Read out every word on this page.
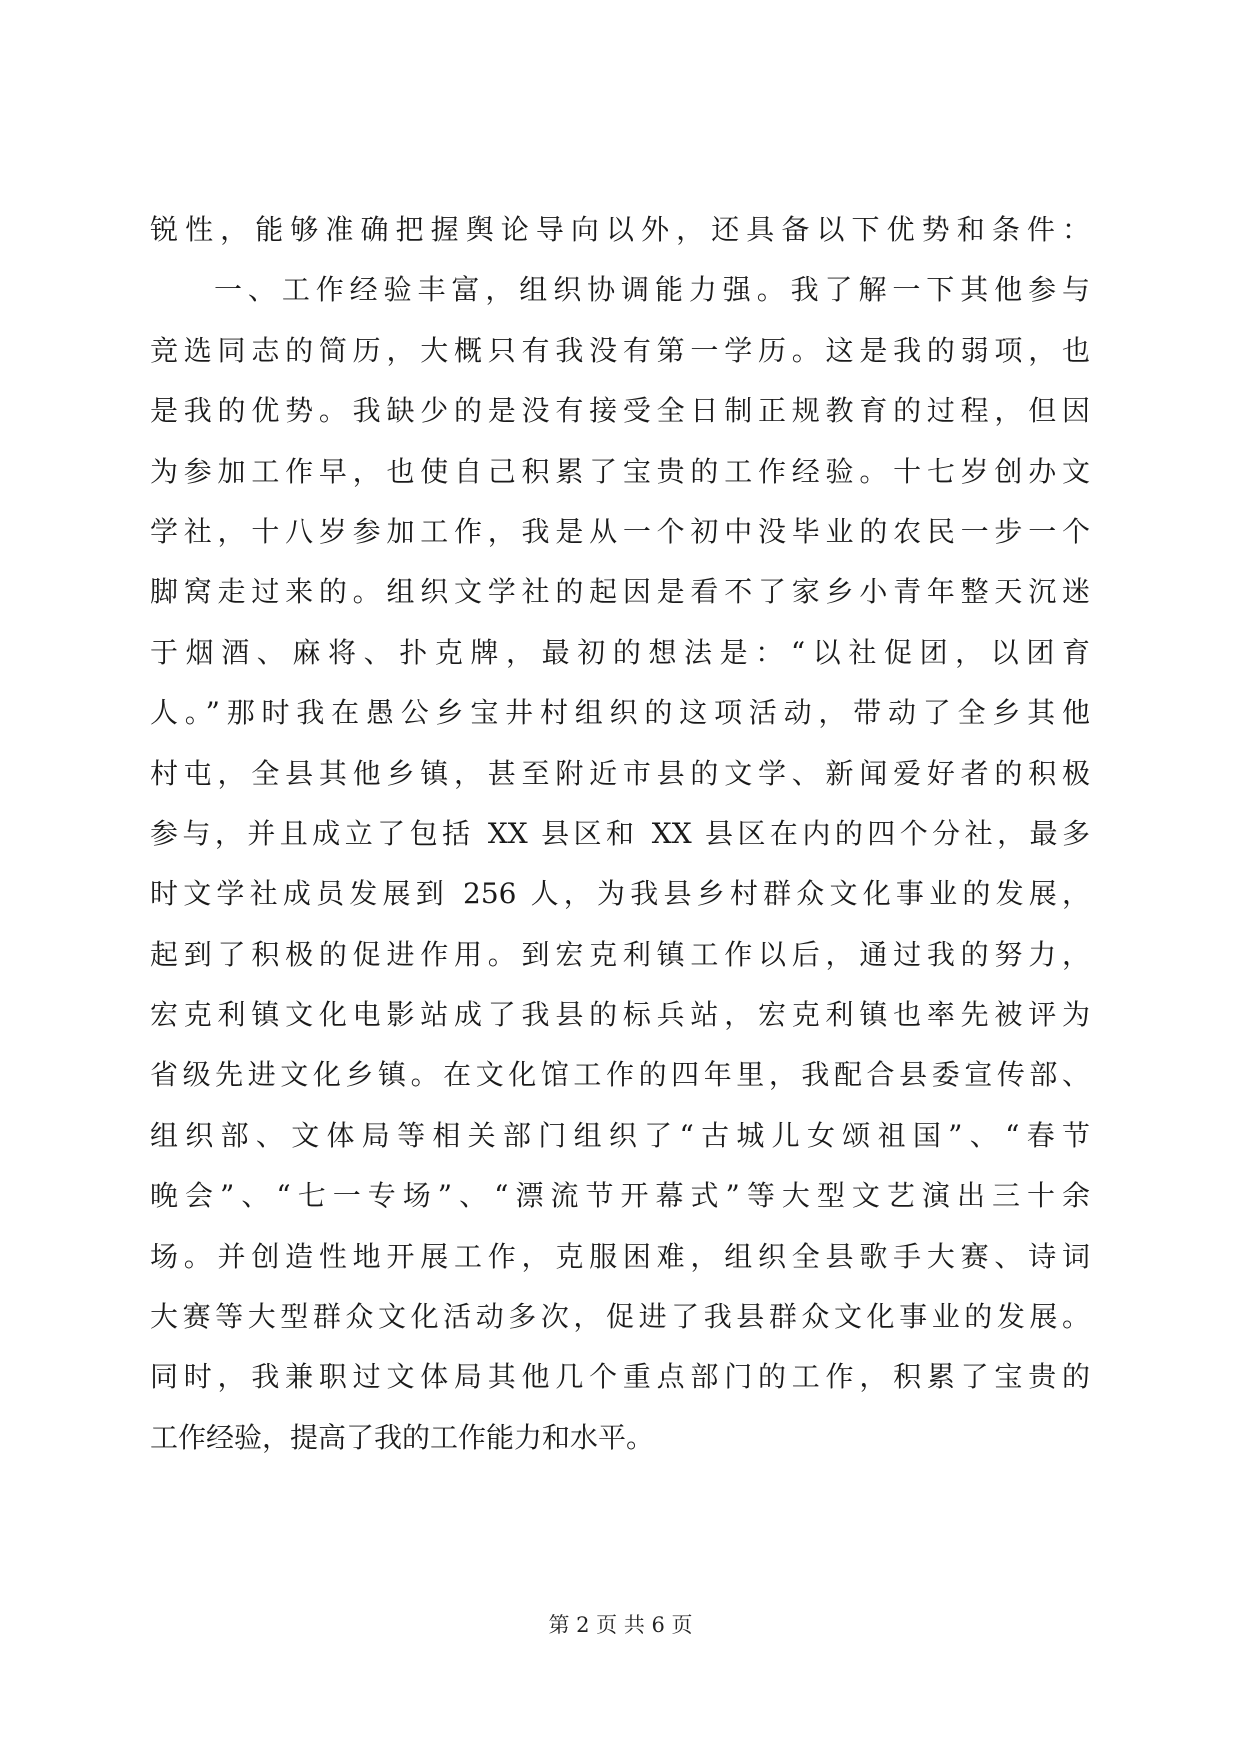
锐性，能够准确把握舆论导向以外，还具备以下优势和条件：
一、工作经验丰富，组织协调能力强。我了解一下其他参与
竞选同志的简历，大概只有我没有第一学历。这是我的弱项，也
是我的优势。我缺少的是没有接受全日制正规教育的过程，但因
为参加工作早，也使自己积累了宝贵的工作经验。十七岁创办文
学社，十八岁参加工作，我是从一个初中没毕业的农民一步一个
脚窝走过来的。组织文学社的起因是看不了家乡小青年整天沉迷
于烟酒、麻将、扑克牌，最初的想法是：“以社促团，以团育
人。”那时我在愚公乡宝井村组织的这项活动，带动了全乡其他
村屯，全县其他乡镇，甚至附近市县的文学、新闻爱好者的积极
参与，并且成立了包括 XX 县区和 XX 县区在内的四个分社，最多
时文学社成员发展到 256 人，为我县乡村群众文化事业的发展，
起到了积极的促进作用。到宏克利镇工作以后，通过我的努力，
宏克利镇文化电影站成了我县的标兵站，宏克利镇也率先被评为
省级先进文化乡镇。在文化馆工作的四年里，我配合县委宣传部、
组织部、文体局等相关部门组织了“古城儿女颂祖国”、“春节
晚会”、“七一专场”、“漂流节开幕式”等大型文艺演出三十余
场。并创造性地开展工作，克服困难，组织全县歌手大赛、诗词
大赛等大型群众文化活动多次，促进了我县群众文化事业的发展。
同时，我兼职过文体局其他几个重点部门的工作，积累了宝贵的
工作经验，提高了我的工作能力和水平。
第 2 页 共 6 页
